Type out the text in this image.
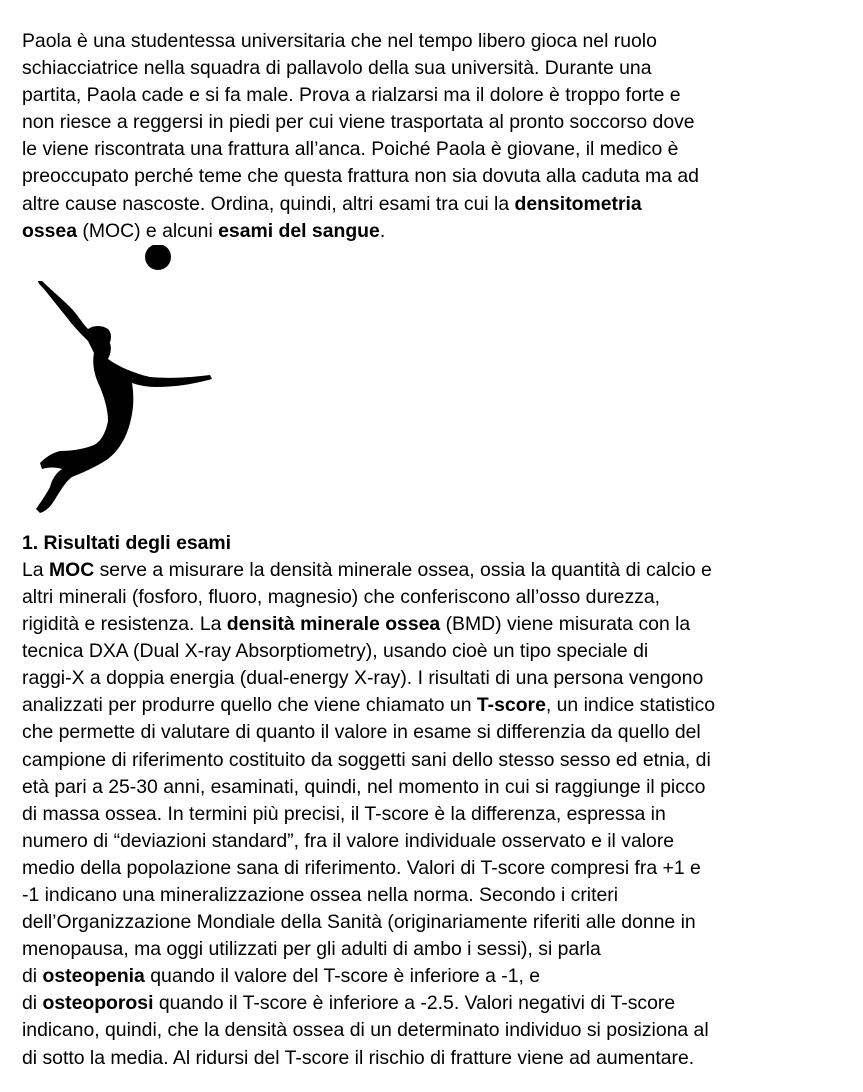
Paola è una studentessa universitaria che nel tempo libero gioca nel ruolo
schiacciatrice nella squadra di pallavolo della sua università. Durante una
partita, Paola cade e si fa male. Prova a rialzarsi ma il dolore è troppo forte e
non riesce a reggersi in piedi per cui viene trasportata al pronto soccorso dove
le viene riscontrata una frattura all’anca. Poiché Paola è giovane, il medico è
preoccupato perché teme che questa frattura non sia dovuta alla caduta ma ad
altre cause nascoste. Ordina, quindi, altri esami tra cui la densitometria
ossea (MOC) e alcuni esami del sangue.

1. Risultati degli esami

La MOC serve a misurare la densità minerale ossea, ossia la quantità di calcio e
altri minerali (fosforo, fluoro, magnesio) che conferiscono all’osso durezza,
rigidità e resistenza. La densità minerale ossea (BMD) viene misurata con la
tecnica DXA (Dual X-ray Absorptiometry), usando cioè un tipo speciale di
raggi-X a doppia energia (dual-energy X-ray). I risultati di una persona vengono
analizzati per produrre quello che viene chiamato un T-score, un indice statistico
che permette di valutare di quanto il valore in esame si differenzia da quello del
campione di riferimento costituito da soggetti sani dello stesso sesso ed etnia, di
età pari a 25-30 anni, esaminati, quindi, nel momento in cui si raggiunge il picco
di massa ossea. In termini più precisi, il T-score è la differenza, espressa in
numero di “deviazioni standard”, fra il valore individuale osservato e il valore
medio della popolazione sana di riferimento. Valori di T-score compresi fra +1 e
-1 indicano una mineralizzazione ossea nella norma. Secondo i criteri
dell’Organizzazione Mondiale della Sanità (originariamente riferiti alle donne in
menopausa, ma oggi utilizzati per gli adulti di ambo i sessi), si parla
di osteopenia quando il valore del T-score è inferiore a -1, e
di osteoporosi quando il T-score è inferiore a -2.5. Valori negativi di T-score
indicano, quindi, che la densità ossea di un determinato individuo si posiziona al
di sotto la media. Al ridursi del T-score il rischio di fratture viene ad aumentare.
